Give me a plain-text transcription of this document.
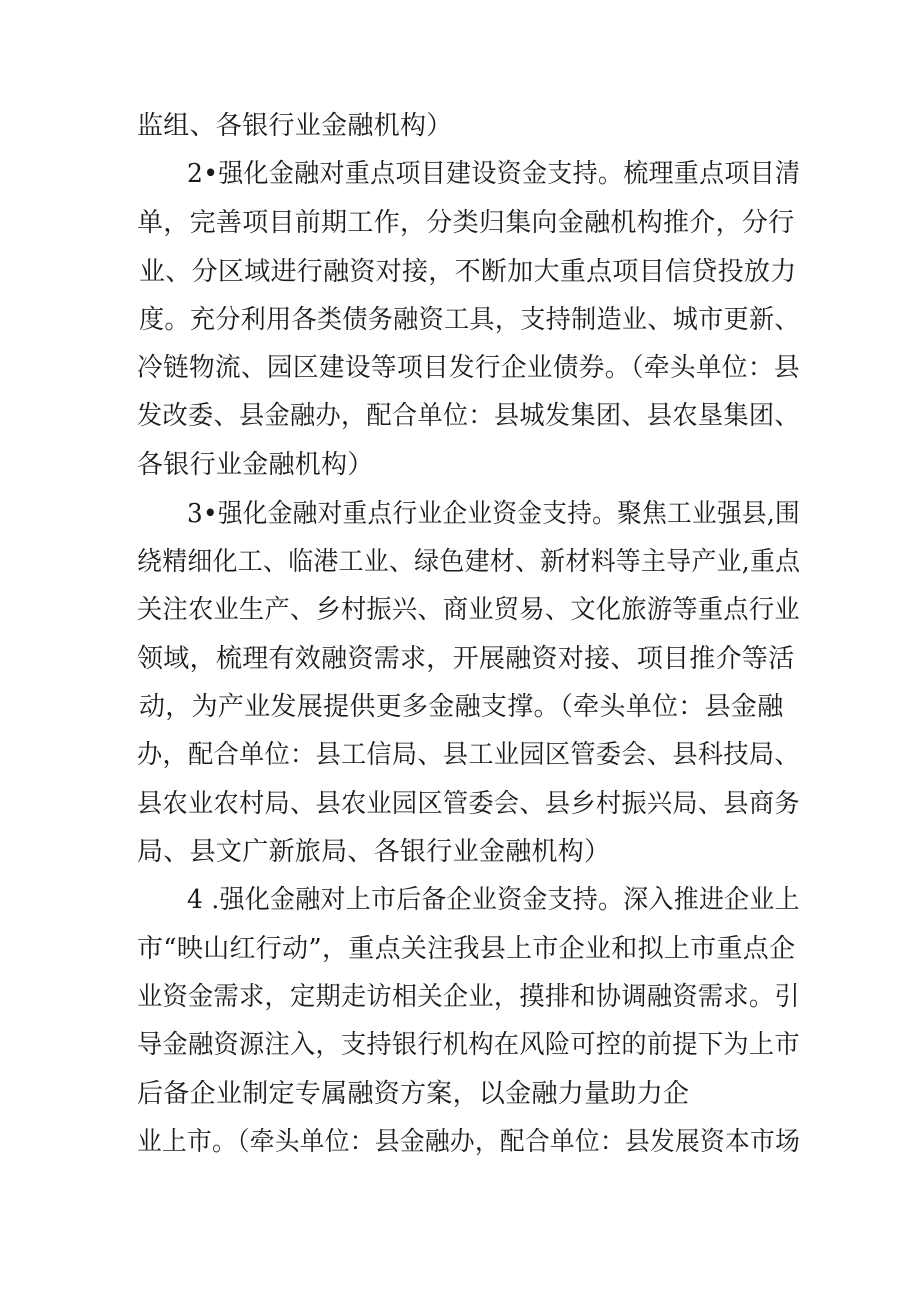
监组、各银行业金融机构）
2•强化金融对重点项目建设资金支持。梳理重点项目清
单，完善项目前期工作，分类归集向金融机构推介，分行
业、分区域进行融资对接，不断加大重点项目信贷投放力
度。充分利用各类债务融资工具，支持制造业、城市更新、
冷链物流、园区建设等项目发行企业债券。（牵头单位：县
发改委、县金融办，配合单位：县城发集团、县农垦集团、
各银行业金融机构）
3•强化金融对重点行业企业资金支持。聚焦工业强县,围
绕精细化工、临港工业、绿色建材、新材料等主导产业,重点
关注农业生产、乡村振兴、商业贸易、文化旅游等重点行业
领域，梳理有效融资需求，开展融资对接、项目推介等活
动，为产业发展提供更多金融支撑。（牵头单位：县金融
办，配合单位：县工信局、县工业园区管委会、县科技局、
县农业农村局、县农业园区管委会、县乡村振兴局、县商务
局、县文广新旅局、各银行业金融机构）
4 .强化金融对上市后备企业资金支持。深入推进企业上
市“映山红行动”，重点关注我县上市企业和拟上市重点企
业资金需求，定期走访相关企业，摸排和协调融资需求。引
导金融资源注入，支持银行机构在风险可控的前提下为上市
后备企业制定专属融资方案，以金融力量助力企
业上市。（牵头单位：县金融办，配合单位：县发展资本市场
